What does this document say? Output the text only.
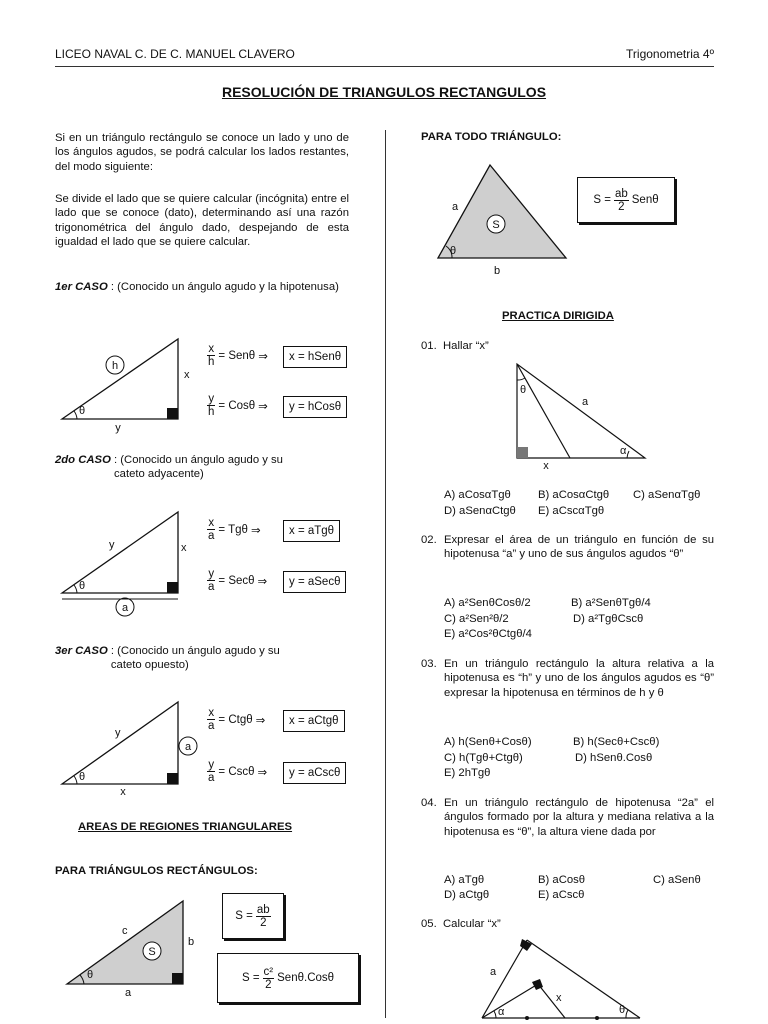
LICEO NAVAL C. DE C. MANUEL CLAVERO	Trigonometria 4º
RESOLUCIÓN DE TRIANGULOS RECTANGULOS
Si en un triángulo rectángulo se conoce un lado y uno de los ángulos agudos, se podrá calcular los lados restantes, del modo siguiente:
Se divide el lado que se quiere calcular (incógnita) entre el lado que se conoce (dato), determinando así una razón trigonométrica del ángulo dado, despejando de esta igualdad el lado que se quiere calcular.
1er CASO : (Conocido un ángulo agudo y la hipotenusa)
h
x
y
θ
$\frac{x}{h} = Sen\theta$ ⇒	x = hSenθ
$\frac{y}{h} = Cos\theta$ ⇒	y = hCosθ
2do CASO : (Conocido un ángulo agudo y su cateto adyacente)
a
x
y
θ
$\frac{x}{a} = Tg\theta$ ⇒	x = aTgθ
$\frac{y}{a} = Sec\theta$ ⇒	y = aSecθ
3er CASO : (Conocido un ángulo agudo y su cateto opuesto)
a
y
x
θ
$\frac{x}{a} = Ctg\theta$ ⇒	x = aCtgθ
$\frac{y}{a} = Csc\theta$ ⇒	y = aCscθ
AREAS DE REGIONES TRIANGULARES
PARA TRIÁNGULOS RECTÁNGULOS:
S
c
b
a
θ
$S = \frac{ab}{2}$
$S = \frac{\text{c²}}{2} Sen\theta.Cos\theta$
PARA TODO TRIÁNGULO:
S
a
b
θ
$S = \frac{ab}{2}$ Senθ
PRACTICA DIRIGIDA
01. Hallar “x”
θ
a
α
x
A) aCosαTgθ B) aCosαCtgθ C) aSenαTgθ
D) aSenαCtgθ E) aCscαTgθ
02. Expresar el área de un triángulo en función de su hipotenusa “a” y uno de sus ángulos agudos “θ”
A) a²SenθCosθ/2	B) a²SenθTgθ/4
C) a²Sen²θ/2	D) a²TgθCscθ
E) a²Cos²θCtgθ/4
03. En un triángulo rectángulo la altura relativa a la hipotenusa es “h” y uno de los ángulos agudos es “θ” expresar la hipotenusa en términos de h y θ
A) h(Senθ+Cosθ)	B) h(Secθ+Cscθ)
C) h(Tgθ+Ctgθ)	D) hSenθ.Cosθ
E) 2hTgθ
04. En un triángulo rectángulo de hipotenusa “2a” el ángulos formado por la altura y mediana relativa a la hipotenusa es “θ”, la altura viene dada por
A) aTgθ	B) aCosθ	C) aSenθ
D) aCtgθ	E) aCscθ
05. Calcular “x”
a
x
α	θ
